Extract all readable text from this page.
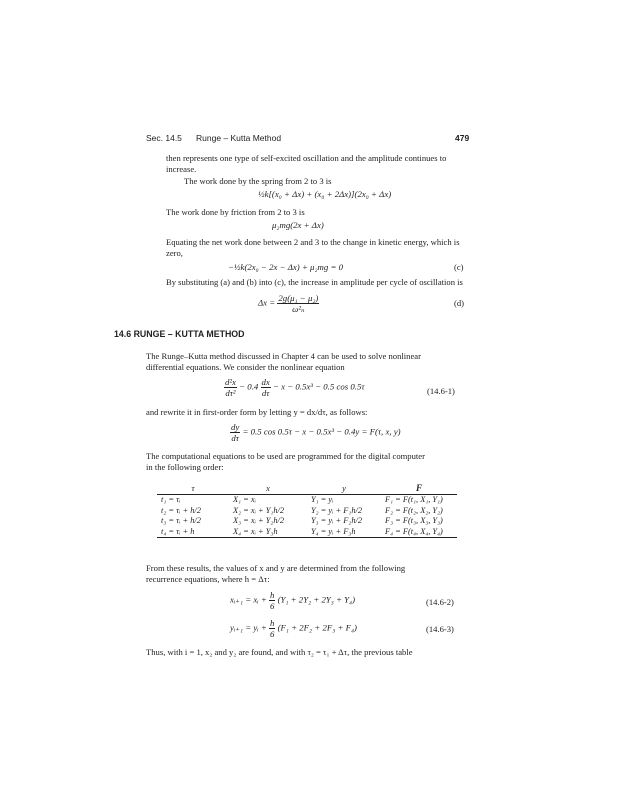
Sec. 14.5 Runge – Kutta Method	479
then represents one type of self-excited oscillation and the amplitude continues to
increase.
The work done by the spring from 2 to 3 is
½k[(x₀ + Δx) + (x₀ + 2Δx)](2x₀ + Δx)
The work done by friction from 2 to 3 is
μ₂mg(2x + Δx)
Equating the net work done between 2 and 3 to the change in kinetic energy, which is
zero,
−½k(2x₀ − 2x − Δx) + μ₂mg = 0	(c)
By substituting (a) and (b) into (c), the increase in amplitude per cycle of oscillation is
$\Delta x = \frac{\text{2g(μ₁ − μ₂)}}{\text{ω²ₙ}}$	(d)
14.6 RUNGE – KUTTA METHOD
The Runge–Kutta method discussed in Chapter 4 can be used to solve nonlinear
differential equations. We consider the nonlinear equation
$\frac{\text{d²x}}{\text{dτ²}} - 0.4 \frac{dx}{d\tau} - x - 0.5x^3 - 0.5$ cos 0.5τ	(14.6-1)
and rewrite it in first-order form by letting y = dx/dτ, as follows:
$\frac{dy}{d\tau} = 0.5$ cos 0.5τ − x − 0.5x³ − 0.4y = F(τ, x, y)
The computational equations to be used are programmed for the digital computer
in the following order:
τ	x	y	F
t₁ = τᵢ	X₁ = xᵢ	Y₁ = yᵢ	F₁ = F(t₁, X₁, Y₁)
t₂ = τᵢ + h/2	X₂ = xᵢ + Y₁h/2	Y₂ = yᵢ + F₁h/2	F₂ = F(t₂, X₂, Y₂)
t₃ = τᵢ + h/2	X₃ = xᵢ + Y₂h/2	Y₃ = yᵢ + F₂h/2	F₃ = F(t₃, X₃, Y₃)
t₄ = τᵢ + h	X₄ = xᵢ + Y₃h	Y₄ = yᵢ + F₃h	F₄ = F(t₄, X₄, Y₄)
From these results, the values of x and y are determined from the following
recurrence equations, where h = Δτ:
xᵢ₊₁ = xᵢ + $\frac{h}{6} (Y_1 + 2Y_2 + 2Y_3 + Y_4)$	(14.6-2)
yᵢ₊₁ = yᵢ + $\frac{h}{6} (F_1 + 2F_2 + 2F_3 + F_4)$	(14.6-3)
Thus, with i = 1, x₂ and y₂ are found, and with τ₂ = τ₁ + Δτ, the previous table
